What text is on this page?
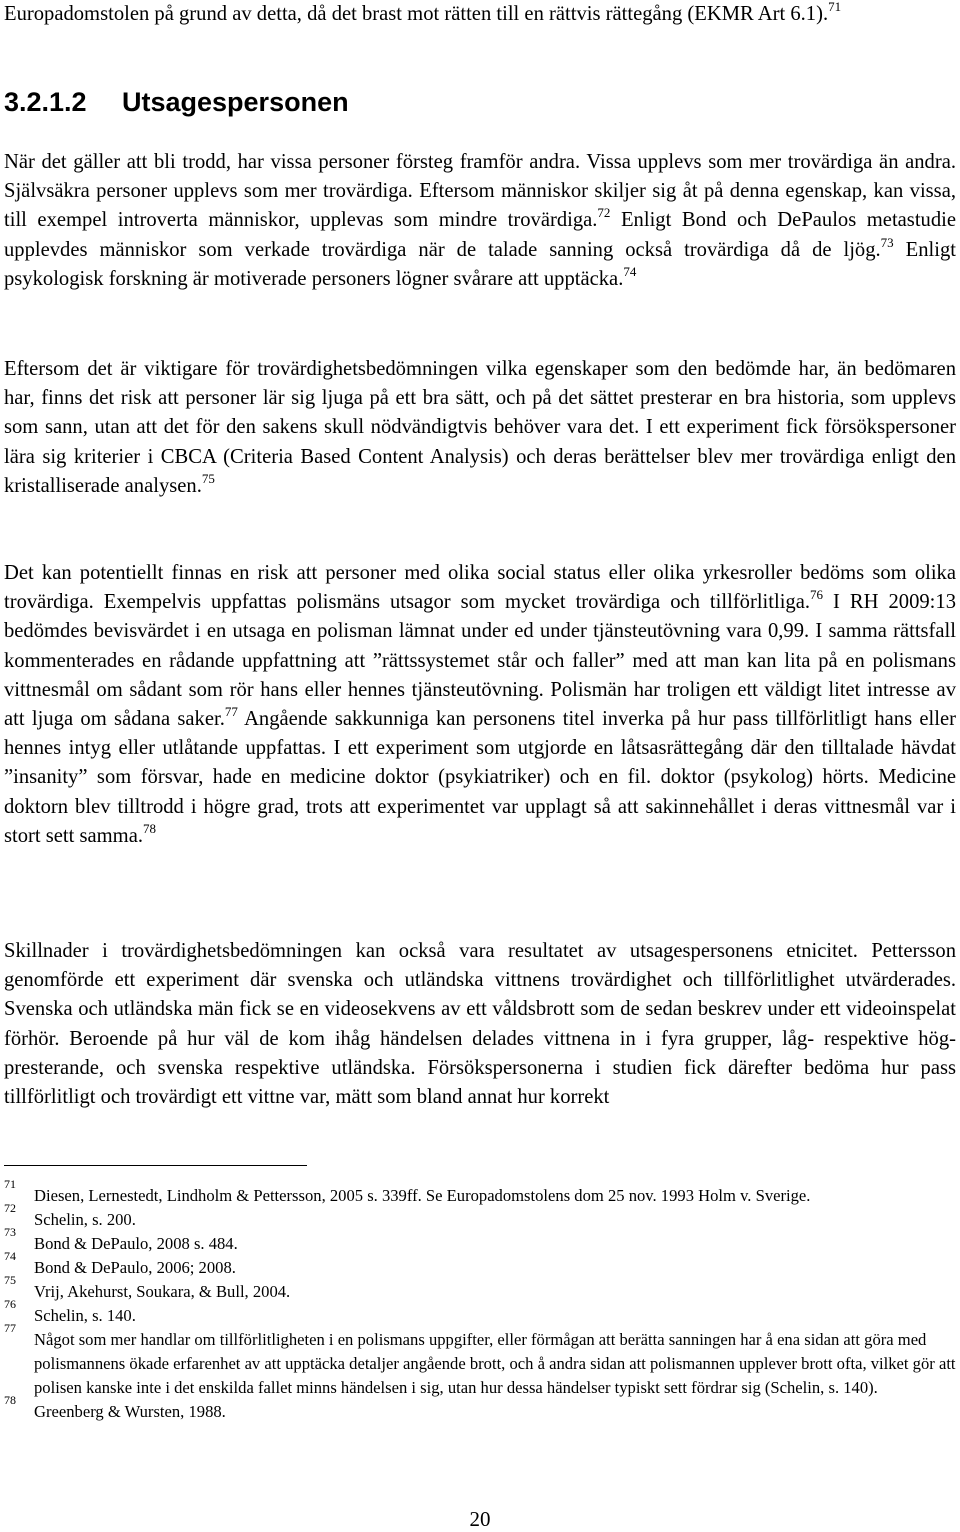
Europadomstolen på grund av detta, då det brast mot rätten till en rättvis rättegång (EKMR Art 6.1).$^{71}$

3.2.1.2 Utsagespersonen

När det gäller att bli trodd, har vissa personer försteg framför andra. Vissa upplevs som mer trovärdiga än andra. Självsäkra personer upplevs som mer trovärdiga. Eftersom människor skiljer sig åt på denna egenskap, kan vissa, till exempel introverta människor, upplevas som mindre trovärdiga.$^{72}$ Enligt Bond och DePaulos metastudie upplevdes människor som verkade trovärdiga när de talade sanning också trovärdiga då de ljög.$^{73}$ Enligt psykologisk forskning är motiverade personers lögner svårare att upptäcka.$^{74}$

Eftersom det är viktigare för trovärdighetsbedömningen vilka egenskaper som den bedömde har, än bedömaren har, finns det risk att personer lär sig ljuga på ett bra sätt, och på det sättet presterar en bra historia, som upplevs som sann, utan att det för den sakens skull nödvändigtvis behöver vara det. I ett experiment fick försökspersoner lära sig kriterier i CBCA (Criteria Based Content Analysis) och deras berättelser blev mer trovärdiga enligt den kristalliserade analysen.$^{75}$

Det kan potentiellt finnas en risk att personer med olika social status eller olika yrkesroller bedöms som olika trovärdiga. Exempelvis uppfattas polismäns utsagor som mycket trovärdiga och tillförlitliga.$^{76}$ I RH 2009:13 bedömdes bevisvärdet i en utsaga en polisman lämnat under ed under tjänsteutövning vara 0,99. I samma rättsfall kommenterades en rådande uppfattning att ”rättssystemet står och faller” med att man kan lita på en polismans vittnesmål om sådant som rör hans eller hennes tjänsteutövning. Polismän har troligen ett väldigt litet intresse av att ljuga om sådana saker.$^{77}$ Angående sakkunniga kan personens titel inverka på hur pass tillförlitligt hans eller hennes intyg eller utlåtande uppfattas. I ett experiment som utgjorde en låtsasrättegång där den tilltalade hävdat ”insanity” som försvar, hade en medicine doktor (psykiatriker) och en fil. doktor (psykolog) hörts. Medicine doktorn blev tilltrodd i högre grad, trots att experimentet var upplagt så att sakinnehållet i deras vittnesmål var i stort sett samma.$^{78}$

Skillnader i trovärdighetsbedömningen kan också vara resultatet av utsagespersonens etnicitet. Pettersson genomförde ett experiment där svenska och utländska vittnens trovärdighet och tillförlitlighet utvärderades. Svenska och utländska män fick se en videosekvens av ett våldsbrott som de sedan beskrev under ett videoinspelat förhör. Beroende på hur väl de kom ihåg händelsen delades vittnena in i fyra grupper, låg- respektive högpresterande, och svenska respektive utländska. Försökspersonerna i studien fick därefter bedöma hur pass tillförlitligt och trovärdigt ett vittne var, mätt som bland annat hur korrekt

71
Diesen, Lernestedt, Lindholm & Pettersson, 2005 s. 339ff. Se Europadomstolens dom 25 nov. 1993 Holm v. Sverige.
72
Schelin, s. 200.
73
Bond & DePaulo, 2008 s. 484.
74
Bond & DePaulo, 2006; 2008.
75
Vrij, Akehurst, Soukara, & Bull, 2004.
76
Schelin, s. 140.
77
Något som mer handlar om tillförlitligheten i en polismans uppgifter, eller förmågan att berätta sanningen har å ena sidan att göra med polismannens ökade erfarenhet av att upptäcka detaljer angående brott, och å andra sidan att polismannen upplever brott ofta, vilket gör att polisen kanske inte i det enskilda fallet minns händelsen i sig, utan hur dessa händelser typiskt sett fördrar sig (Schelin, s. 140).
78
Greenberg & Wursten, 1988.
20
